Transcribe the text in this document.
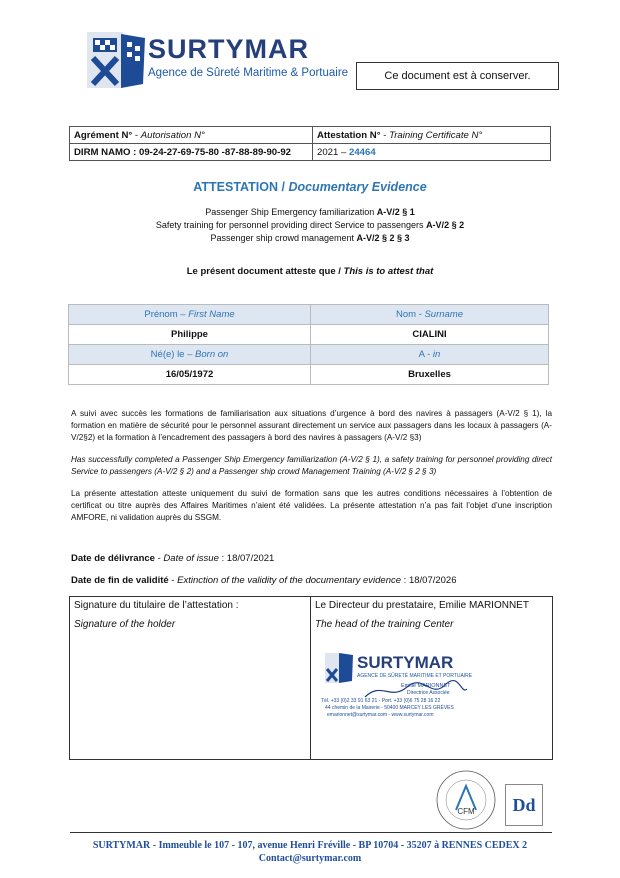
SURTYMAR
Agence de Sûreté Maritime & Portuaire	Ce document est à conserver.
Agrément N° - Autorisation N°	Attestation N° - Training Certificate N°
DIRM NAMO : 09-24-27-69-75-80 -87-88-89-90-92	2021 – 24464
ATTESTATION / Documentary Evidence
Passenger Ship Emergency familiarization A-V/2 § 1
Safety training for personnel providing direct Service to passengers A-V/2 § 2
Passenger ship crowd management A-V/2 § 2 § 3
Le présent document atteste que / This is to attest that
Prénom – First Name	Nom - Surname
Philippe	CIALINI
Né(e) le – Born on	A - in
16/05/1972	Bruxelles
A suivi avec succès les formations de familiarisation aux situations d’urgence à bord des navires à passagers (A-V/2 § 1), la formation en matière de sécurité pour le personnel assurant directement un service aux passagers dans les locaux à passagers (A-V/2§2) et la formation à l’encadrement des passagers à bord des navires à passagers (A-V/2 §3)
Has successfully completed a Passenger Ship Emergency familiarization (A-V/2 § 1), a safety training for personnel providing direct Service to passengers (A-V/2 § 2) and a Passenger ship crowd Management Training (A-V/2 § 2 § 3)
La présente attestation atteste uniquement du suivi de formation sans que les autres conditions nécessaires à l’obtention de certificat ou titre auprès des Affaires Maritimes n’aient été validées. La présente attestation n’a pas fait l’objet d’une inscription AMFORE, ni validation auprès du SSGM.
Date de délivrance - Date of issue : 18/07/2021
Date de fin de validité - Extinction of the validity of the documentary evidence : 18/07/2026
Signature du titulaire de l’attestation :
Signature of the holder
Le Directeur du prestataire, Emilie MARIONNET
The head of the training Center
SURTYMAR
AGENCE DE SÛRETÉ MARITIME ET PORTUAIRE
Emilie MARIONNET
Directrice Associée
Tél. +33 (0)2 33 91 63 21 - Port. +33 (0)6 75 28 16 22
44 chemin de la Mairerie - 50400 MARCEY LES GRÈVES
emarionnet@surtymar.com - www.surtymar.com
CFM Dd
SURTYMAR - Immeuble le 107 - 107, avenue Henri Fréville - BP 10704 - 35207 à RENNES CEDEX 2
Contact@surtymar.com
